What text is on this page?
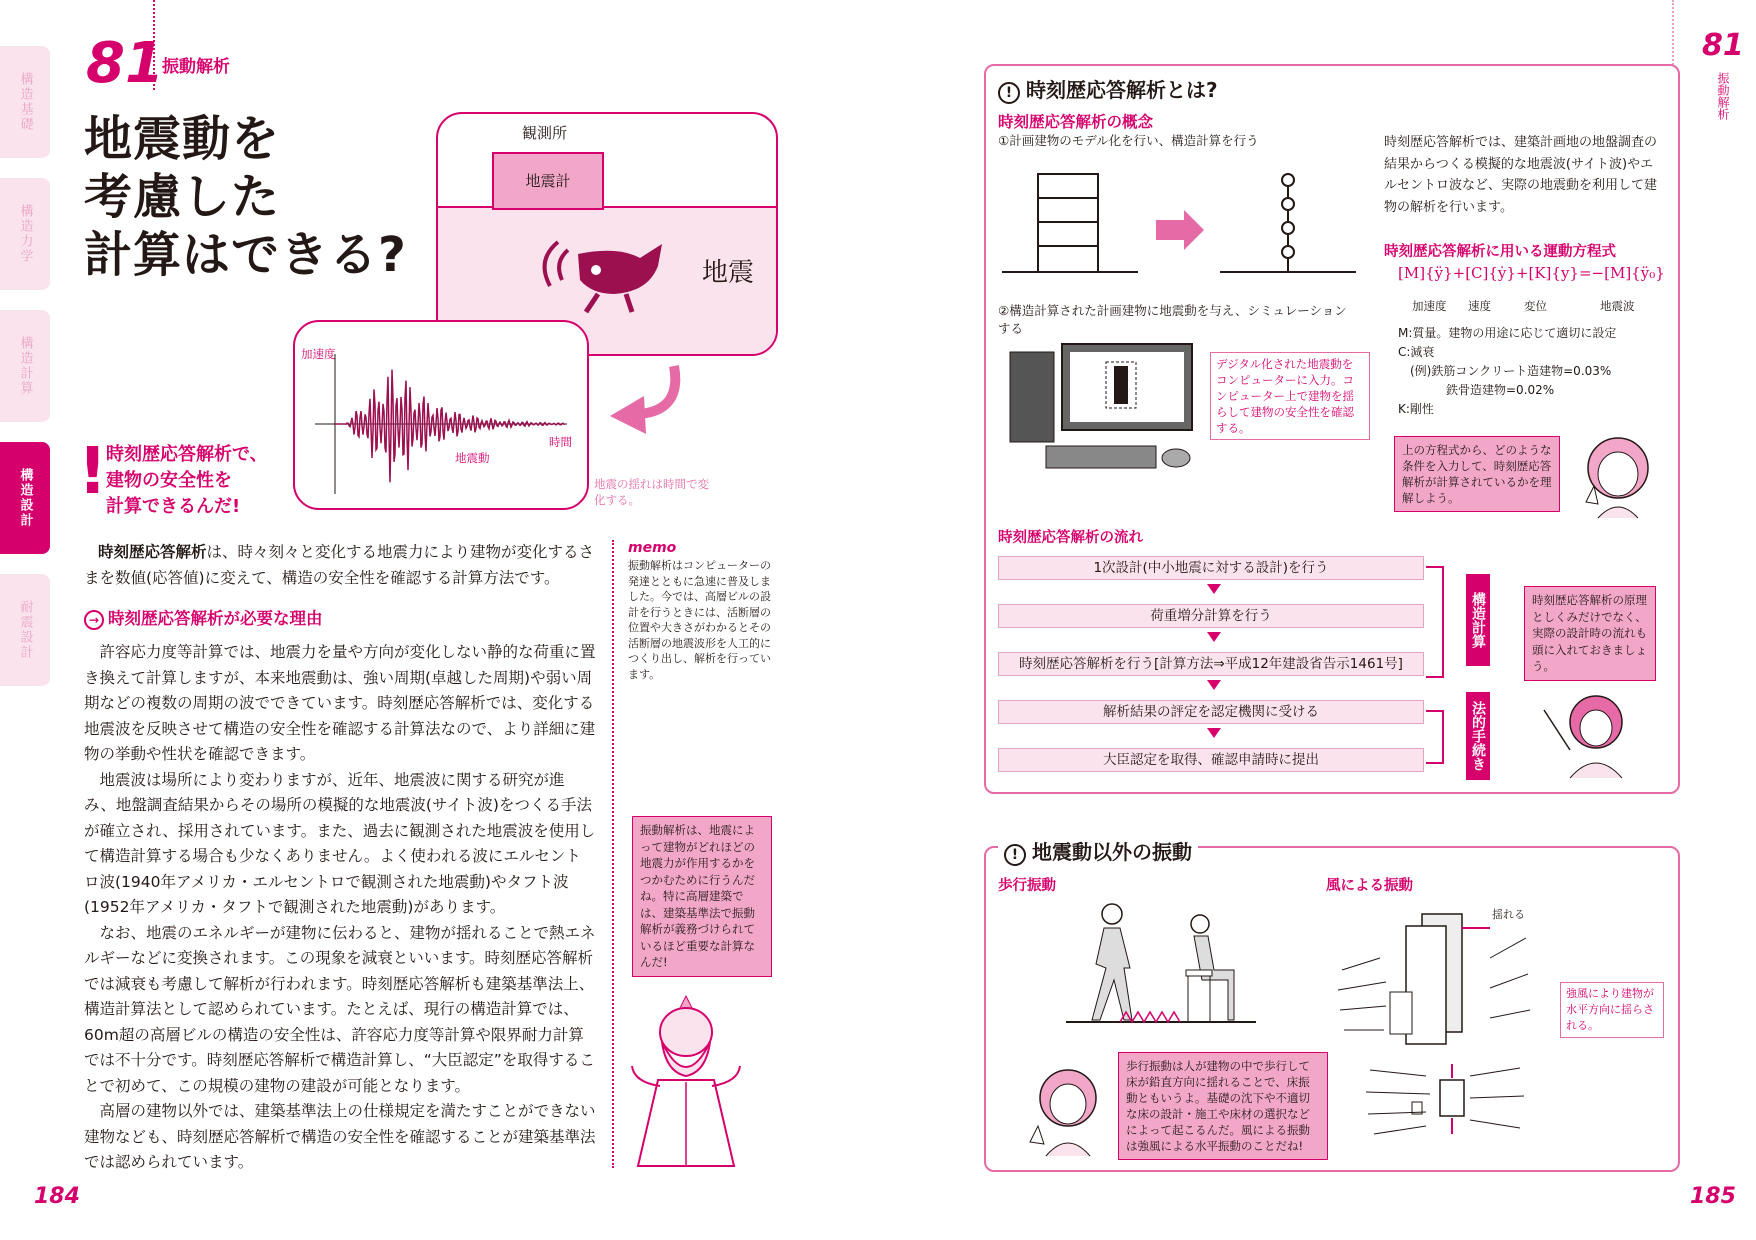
構造基礎
構造力学
構造計算
構造設計
耐震設計
81
振動解析
地震動を
考慮した
計算はできる?
観測所
地震計
地震
加速度
時間
地震動
地震の揺れは時間で変化する。
!
時刻歴応答解析で、
建物の安全性を
計算できるんだ!
時刻歴応答解析は、時々刻々と変化する地震力により建物が変化するさまを数値(応答値)に変えて、構造の安全性を確認する計算方法です。
→ 時刻歴応答解析が必要な理由

許容応力度等計算では、地震力を量や方向が変化しない静的な荷重に置き換えて計算しますが、本来地震動は、強い周期(卓越した周期)や弱い周期などの複数の周期の波でできています。時刻歴応答解析では、変化する地震波を反映させて構造の安全性を確認する計算法なので、より詳細に建物の挙動や性状を確認できます。

地震波は場所により変わりますが、近年、地震波に関する研究が進み、地盤調査結果からその場所の模擬的な地震波(サイト波)をつくる手法が確立され、採用されています。また、過去に観測された地震波を使用して構造計算する場合も少なくありません。よく使われる波にエルセントロ波(1940年アメリカ・エルセントロで観測された地震動)やタフト波(1952年アメリカ・タフトで観測された地震動)があります。

なお、地震のエネルギーが建物に伝わると、建物が揺れることで熱エネルギーなどに変換されます。この現象を減衰といいます。時刻歴応答解析では減衰も考慮して解析が行われます。時刻歴応答解析も建築基準法上、構造計算法として認められています。たとえば、現行の構造計算では、60m超の高層ビルの構造の安全性は、許容応力度等計算や限界耐力計算では不十分です。時刻歴応答解析で構造計算し、“大臣認定”を取得することで初めて、この規模の建物の建設が可能となります。

高層の建物以外では、建築基準法上の仕様規定を満たすことができない建物なども、時刻歴応答解析で構造の安全性を確認することが建築基準法では認められています。

memo
振動解析はコンピューターの発達とともに急速に普及しました。今では、高層ビルの設計を行うときには、活断層の位置や大きさがわかるとその活断層の地震波形を人工的につくり出し、解析を行っています。
振動解析は、地震によって建物がどれほどの地震力が作用するかをつかむために行うんだね。特に高層建築では、建築基準法で振動解析が義務づけられているほど重要な計算なんだ!
184
81
振動解析
! 時刻歴応答解析とは?
時刻歴応答解析の概念
①計画建物のモデル化を行い、構造計算を行う
②構造計算された計画建物に地震動を与え、シミュレーションする
デジタル化された地震動をコンピューターに入力。コンピューター上で建物を揺らして建物の安全性を確認する。
時刻歴応答解析では、建築計画地の地盤調査の結果からつくる模擬的な地震波(サイト波)やエルセントロ波など、実際の地震動を利用して建物の解析を行います。
時刻歴応答解析に用いる運動方程式
[M]{ÿ}+[C]{ẏ}+[K]{y}=−[M]{ÿ₀}
加速度 速度	変位	地震波
M:質量。建物の用途に応じて適切に設定
C:減衰
(例)鉄筋コンクリート造建物=0.03%
鉄骨造建物=0.02%
K:剛性
上の方程式から、どのような条件を入力して、時刻歴応答解析が計算されているかを理解しよう。
時刻歴応答解析の流れ
1次設計(中小地震に対する設計)を行う
荷重増分計算を行う
時刻歴応答解析を行う[計算方法⇒平成12年建設省告示1461号]
解析結果の評定を認定機関に受ける
大臣認定を取得、確認申請時に提出
構造計算
法的手続き
時刻歴応答解析の原理としくみだけでなく、実際の設計時の流れも頭に入れておきましょう。
! 地震動以外の振動
歩行振動	風による振動
揺れる
強風により建物が水平方向に揺らされる。
歩行振動は人が建物の中で歩行して床が鉛直方向に揺れることで、床振動ともいうよ。基礎の沈下や不適切な床の設計・施工や床材の選択などによって起こるんだ。風による振動は強風による水平振動のことだね!
185
